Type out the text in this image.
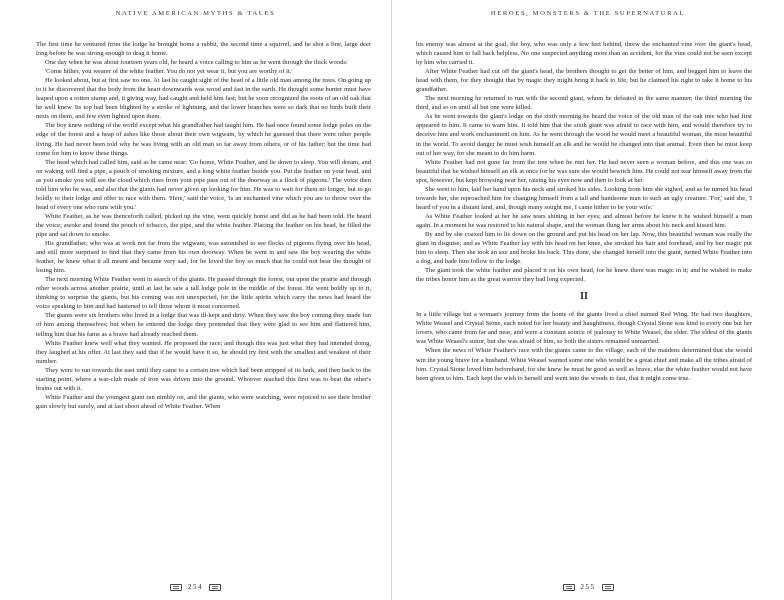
NATIVE AMERICAN MYTHS & TALES

The first time he ventured from the lodge he brought home a rabbit, the second time a squirrel, and he shot a fine, large deer long before he was strong enough to drag it home.

One day when he was about fourteen years old, he heard a voice calling to him as he went through the thick woods:

'Come hither, you wearer of the white feather. You do not yet wear it, but you are worthy of it.'

He looked about, but at first saw no one. At last he caught sight of the head of a little old man among the trees. On going up to it he discovered that the body from the heart downwards was wood and fast in the earth. He thought some hunter must have leaped upon a rotten stump and, it giving way, had caught and held him fast; but he soon recognized the roots of an old oak that he well knew. Its top had been blighted by a stroke of lightning, and the lower branches were so dark that no birds built their nests on them, and few even lighted upon them.

The boy knew nothing of the world except what his grandfather had taught him. He had once found some lodge poles on the edge of the forest and a heap of ashes like those about their own wigwam, by which he guessed that there were other people living. He had never been told why he was living with an old man so far away from others, or of his father; but the time had come for him to know these things.

The head which had called him, said as he came near: 'Go home, White Feather, and lie down to sleep. You will dream, and on waking will find a pipe, a pouch of smoking mixture, and a long white feather beside you. Put the feather on your head, and as you smoke you will see the cloud which rises from your pipe pass out of the doorway as a flock of pigeons.' The voice then told him who he was, and also that the giants had never given up looking for him. He was to wait for them no longer, but to go boldly to their lodge and offer to race with them. 'Here,' said the voice, 'is an enchanted vine which you are to throw over the head of every one who runs with you.'

White Feather, as he was thenceforth called, picked up the vine, went quickly home and did as he had been told. He heard the voice; awoke and found the pouch of tobacco, the pipe, and the white feather. Placing the feather on his head, he filled the pipe and sat down to smoke.

His grandfather, who was at work not far from the wigwam, was astonished to see flocks of pigeons flying over his head, and still more surprised to find that they came from his own doorway. When he went in and saw the boy wearing the white feather, he knew what it all meant and became very sad, for he loved the boy so much that he could not bear the thought of losing him.

The next morning White Feather went in search of the giants. He passed through the forest, out upon the prairie and through other woods across another prairie, until at last he saw a tall lodge pole in the middle of the forest. He went boldly up to it, thinking to surprise the giants, but his coming was not unexpected, for the little spirits which carry the news had heard the voice speaking to him and had hastened to tell those whom it most concerned.

The giants were six brothers who lived in a lodge that was ill-kept and dirty. When they saw the boy coming they made fun of him among themselves; but when he entered the lodge they pretended that they were glad to see him and flattered him, telling him that his fame as a brave had already reached them.

White Feather knew well what they wanted. He proposed the race; and though this was just what they had intended doing, they laughed at his offer. At last they said that if he would have it so, he should try first with the smallest and weakest of their number.

They were to run towards the east until they came to a certain tree which had been stripped of its bark, and then back to the starting point, where a war-club made of iron was driven into the ground. Whoever reached this first was to beat the other's brains out with it.

White Feather and the youngest giant ran nimbly on, and the giants, who were watching, were rejoiced to see their brother gain slowly but surely, and at last shoot ahead of White Feather. When

254
HEROES, MONSTERS & THE SUPERNATURAL

his enemy was almost at the goal, the boy, who was only a few feet behind, threw the enchanted vine over the giant's head, which caused him to fall back helpless. No one suspected anything more than an accident, for the vine could not be seen except by him who carried it.

After White Feather had cut off the giant's head, the brothers thought to get the better of him, and begged him to leave the head with them, for they thought that by magic they might bring it back to life, but he claimed his right to take it home to his grandfather.

The next morning he returned to run with the second giant, whom he defeated in the same manner; the third morning the third, and so on until all but one were killed.

As he went towards the giant's lodge on the sixth morning he heard the voice of the old man of the oak tree who had first appeared to him. It came to warn him. It told him that the sixth giant was afraid to race with him, and would therefore try to deceive him and work enchantment on him. As he went through the wood he would meet a beautiful woman, the most beautiful in the world. To avoid danger he must wish himself an elk and he would be changed into that animal. Even then he must keep out of her way, for she meant to do him harm.

White Feather had not gone far from the tree when he met her. He had never seen a woman before, and this one was so beautiful that he wished himself an elk at once for he was sure she would bewitch him. He could not tear himself away from the spot, however, but kept browsing near her, raising his eyes now and then to look at her.

She went to him, laid her hand upon his neck and stroked his sides. Looking from him she sighed, and as he turned his head towards her, she reproached him for changing himself from a tall and handsome man to such an ugly creature. 'For,' said she, 'I heard of you in a distant land, and, though many sought me, I came hither to be your wife.'

As White Feather looked at her he saw tears shining in her eyes; and almost before he knew it he wished himself a man again. In a moment he was restored to his natural shape, and the woman flung her arms about his neck and kissed him.

By and by she coaxed him to lie down on the ground and put his head on her lap. Now, this beautiful woman was really the giant in disguise; and as White Feather lay with his head on her knee, she stroked his hair and forehead, and by her magic put him to sleep. Then she took an axe and broke his back. This done, she changed herself into the giant, turned White Feather into a dog, and bade him follow to the lodge.

The giant took the white feather and placed it on his own head, for he knew there was magic in it; and he wished to make the tribes honor him as the great warrior they had long expected.

II

In a little village but a woman's journey from the home of the giants lived a chief named Red Wing. He had two daughters, White Weasel and Crystal Stone, each noted for her beauty and haughtiness, though Crystal Stone was kind to every one but her lovers, who came from far and near, and were a constant source of jealousy to White Weasel, the elder. The eldest of the giants was White Weasel's suitor, but she was afraid of him, so both the sisters remained unmarried.

When the news of White Feather's race with the giants came to the village, each of the maidens determined that she would win the young brave for a husband. White Weasel wanted some one who would be a great chief and make all the tribes afraid of him. Crystal Stone loved him beforehand, for she knew he must be good as well as brave, else the white feather would not have been given to him. Each kept the wish to herself and went into the woods to fast, that it might come true.

255
